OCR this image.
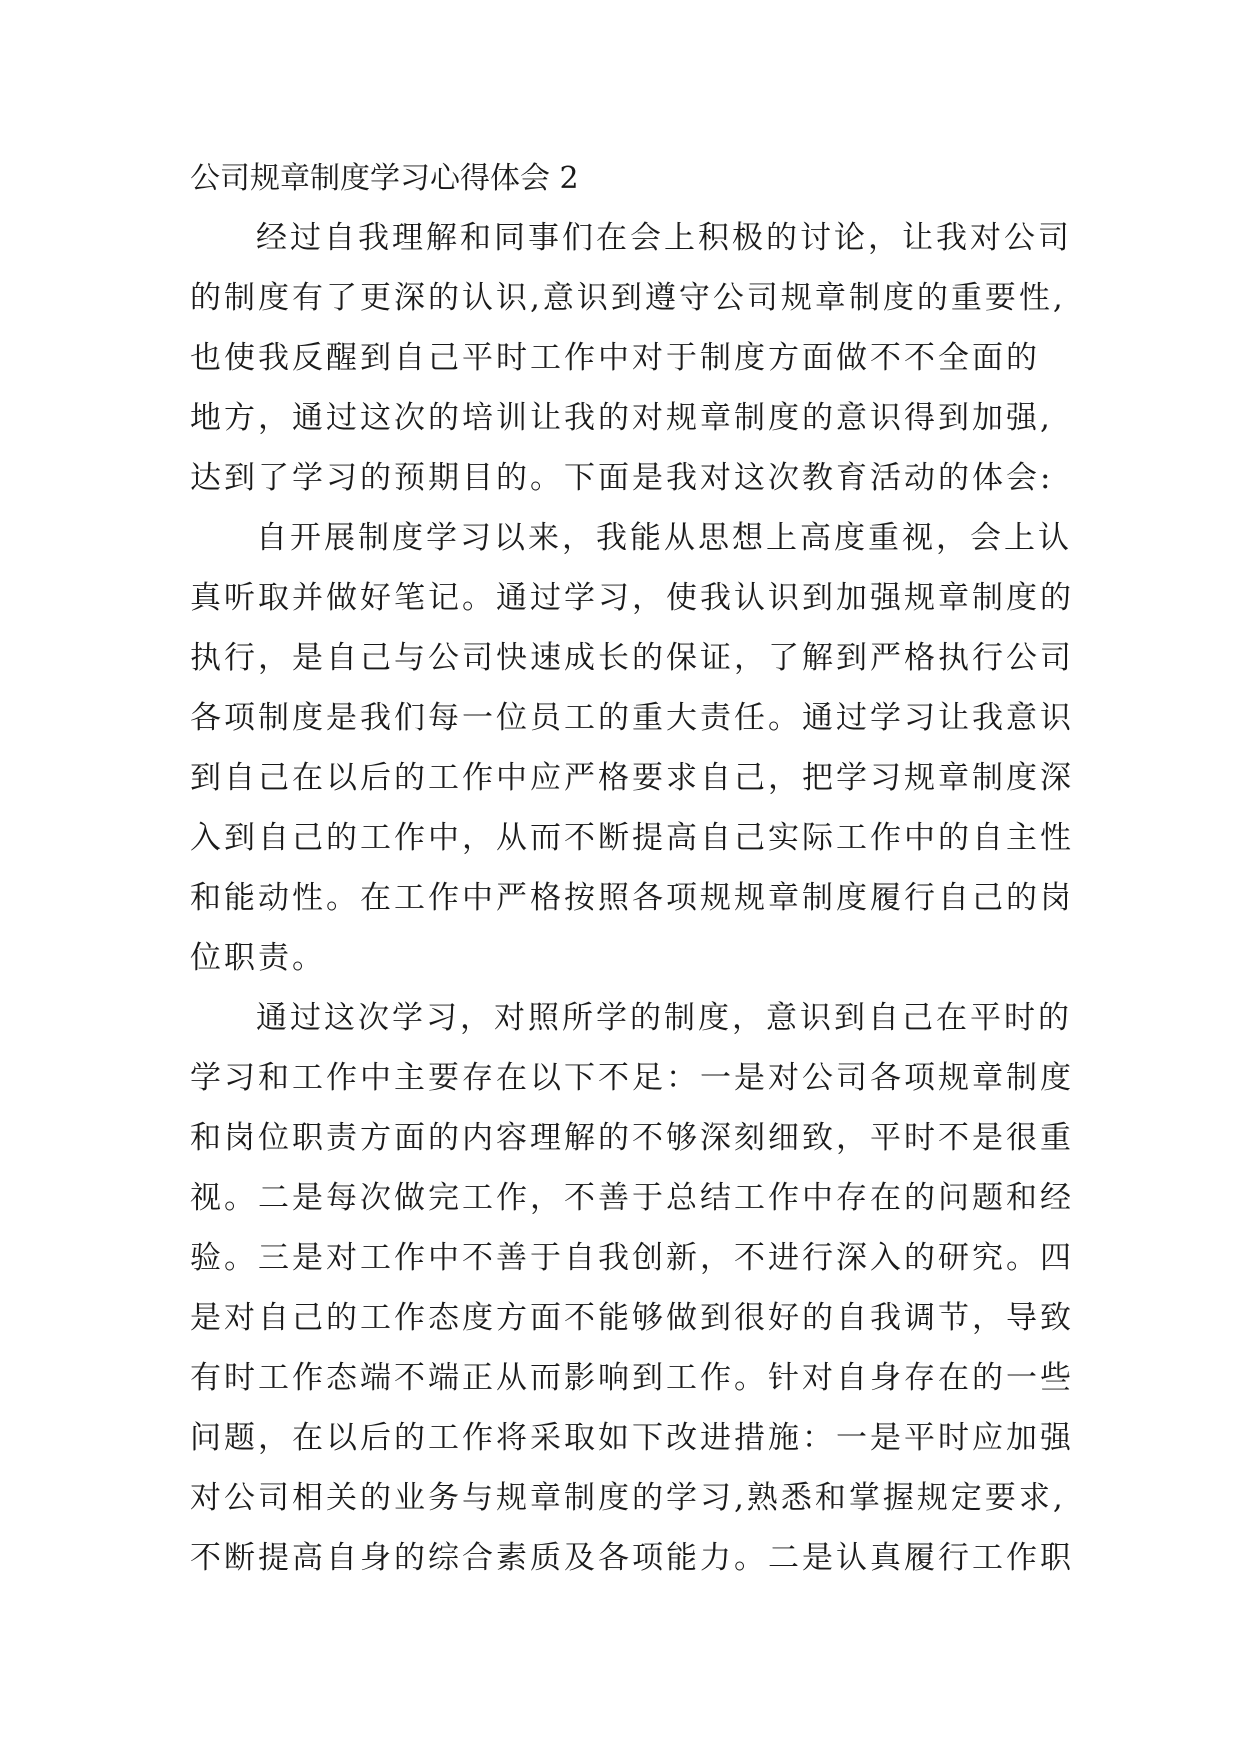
公司规章制度学习心得体会 2
经过自我理解和同事们在会上积极的讨论，让我对公司
的制度有了更深的认识,意识到遵守公司规章制度的重要性,
也使我反醒到自己平时工作中对于制度方面做不不全面的
地方，通过这次的培训让我的对规章制度的意识得到加强,
达到了学习的预期目的。下面是我对这次教育活动的体会:
自开展制度学习以来，我能从思想上高度重视，会上认
真听取并做好笔记。通过学习，使我认识到加强规章制度的
执行，是自己与公司快速成长的保证，了解到严格执行公司
各项制度是我们每一位员工的重大责任。通过学习让我意识
到自己在以后的工作中应严格要求自己，把学习规章制度深
入到自己的工作中，从而不断提高自己实际工作中的自主性
和能动性。在工作中严格按照各项规规章制度履行自己的岗
位职责。
通过这次学习，对照所学的制度，意识到自己在平时的
学习和工作中主要存在以下不足：一是对公司各项规章制度
和岗位职责方面的内容理解的不够深刻细致，平时不是很重
视。二是每次做完工作，不善于总结工作中存在的问题和经
验。三是对工作中不善于自我创新，不进行深入的研究。四
是对自己的工作态度方面不能够做到很好的自我调节，导致
有时工作态端不端正从而影响到工作。针对自身存在的一些
问题，在以后的工作将采取如下改进措施：一是平时应加强
对公司相关的业务与规章制度的学习,熟悉和掌握规定要求,
不断提高自身的综合素质及各项能力。二是认真履行工作职
